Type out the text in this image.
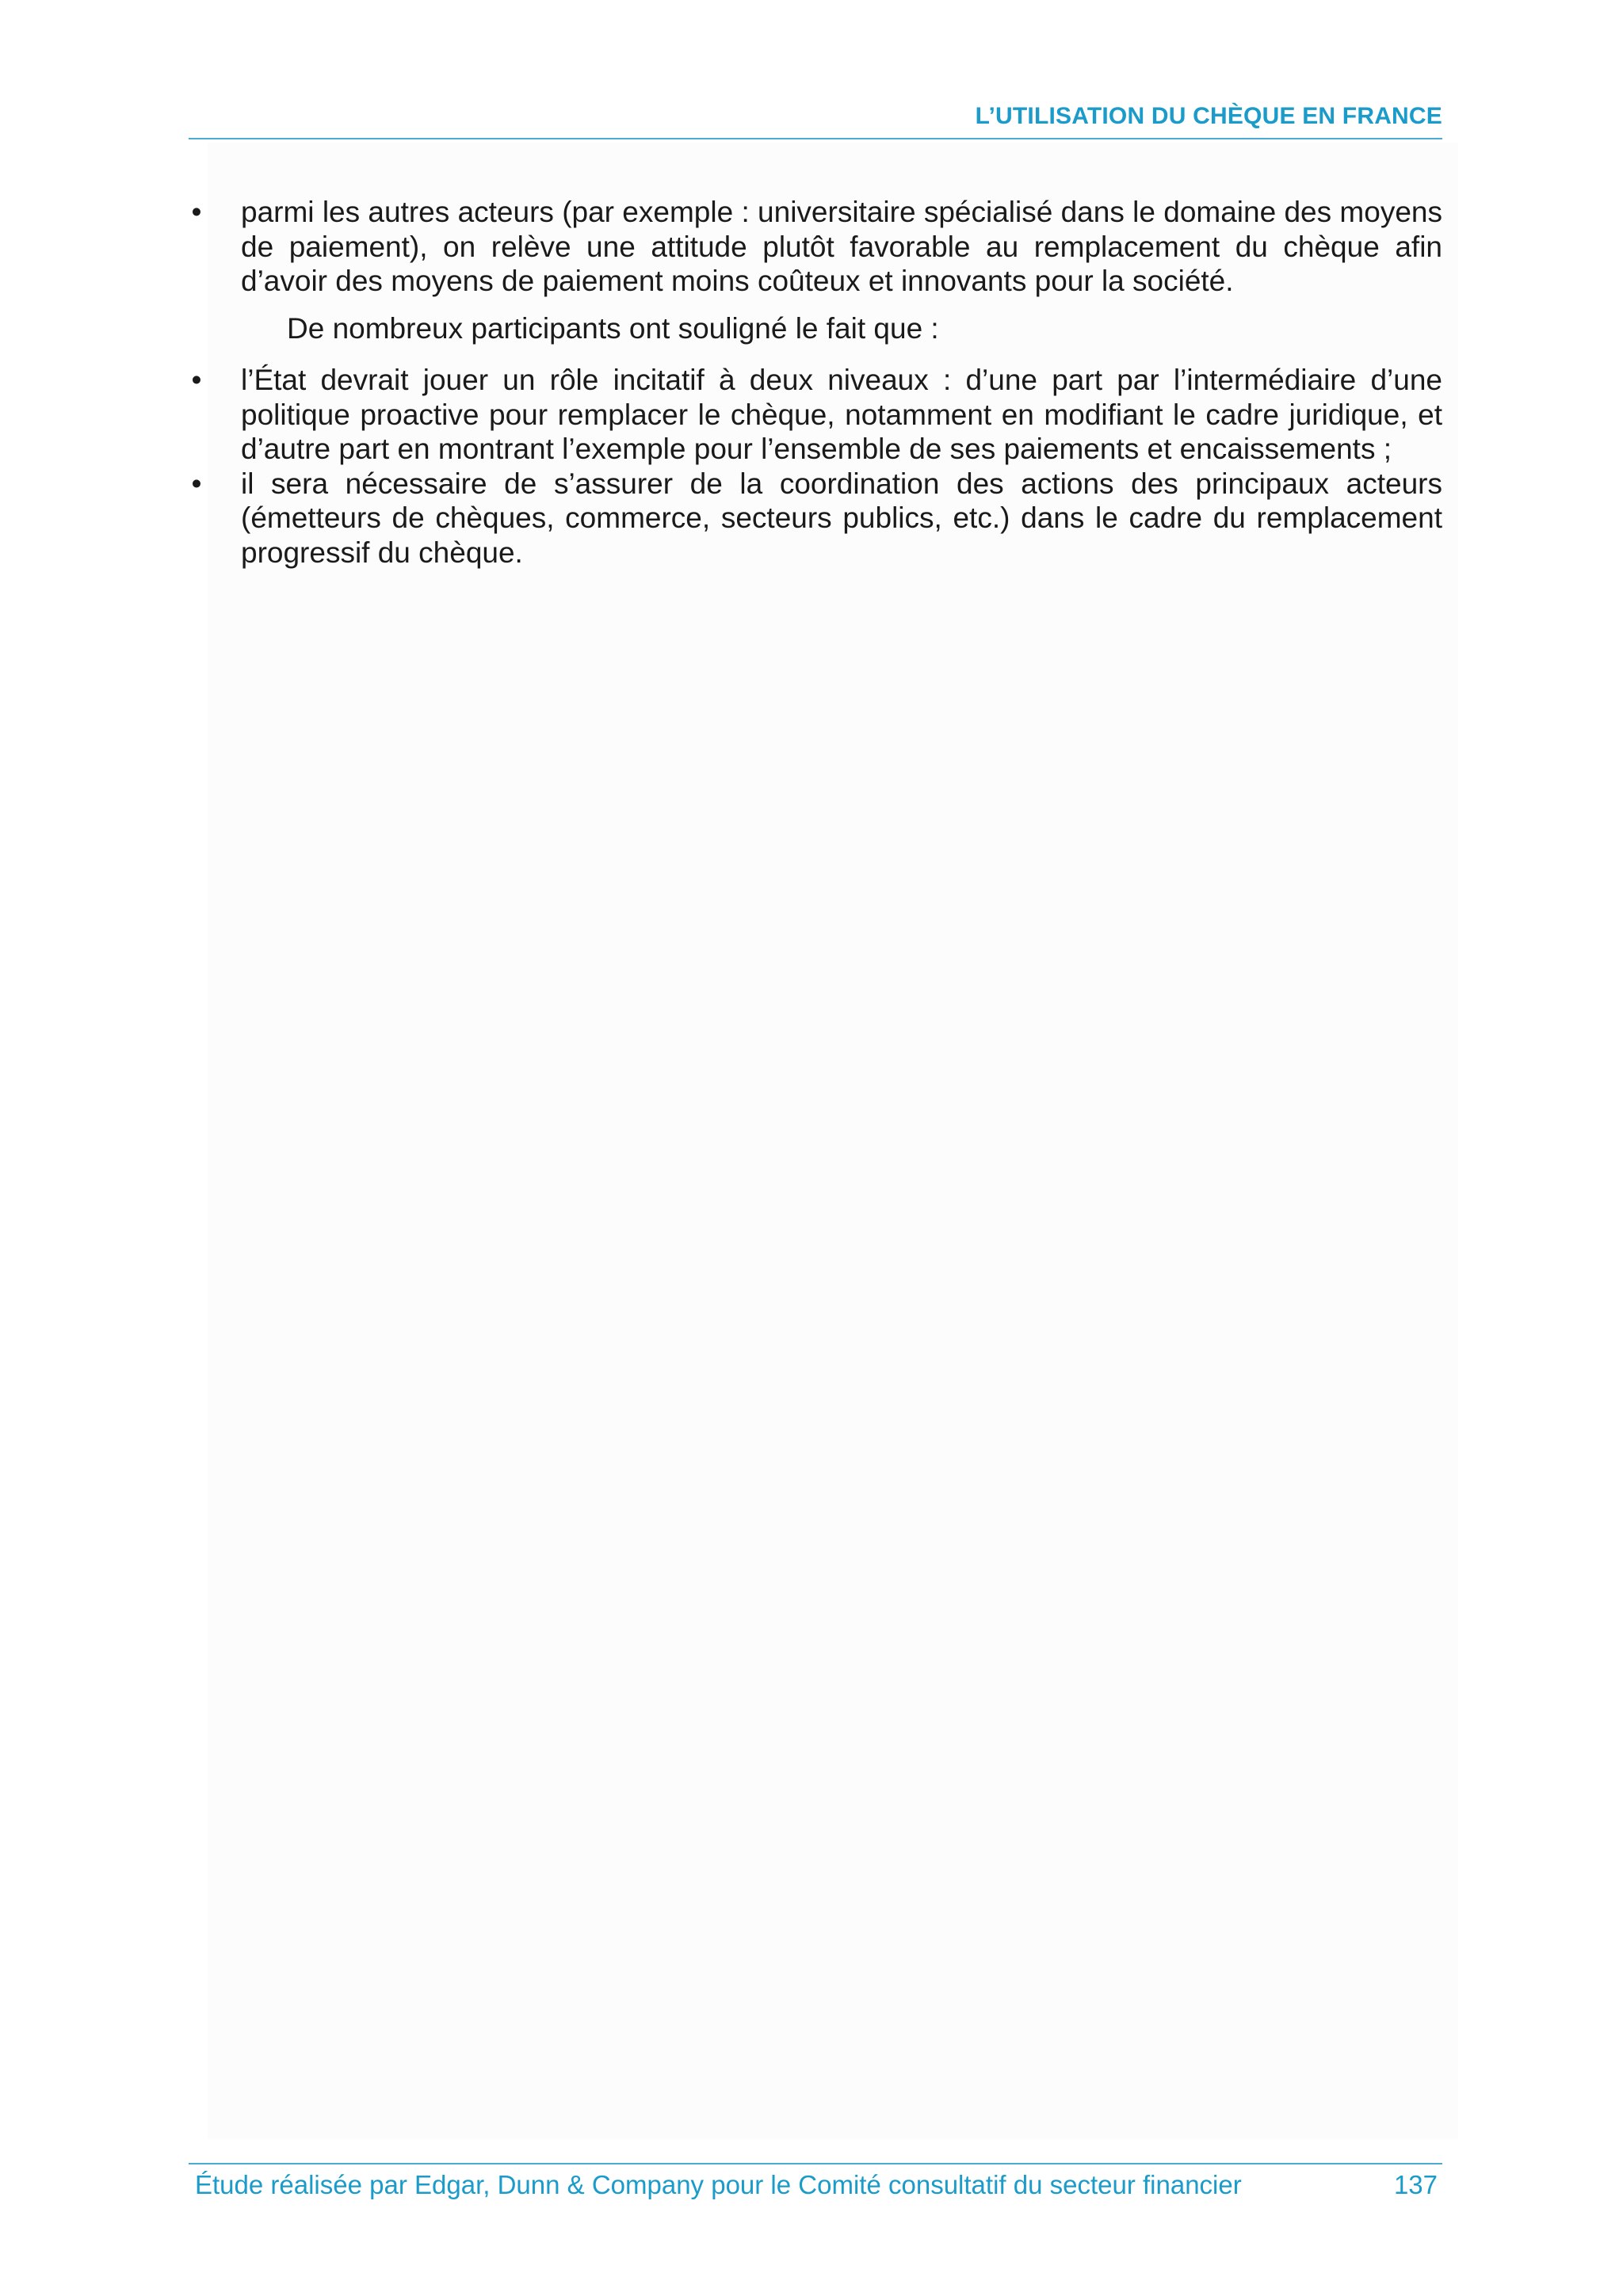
L’UTILISATION DU CHÈQUE EN FRANCE
• parmi les autres acteurs (par exemple : universitaire spécialisé dans le domaine des moyens de paiement), on relève une attitude plutôt favorable au remplacement du chèque afin d’avoir des moyens de paiement moins coûteux et innovants pour la société.

De nombreux participants ont souligné le fait que :

• l’État devrait jouer un rôle incitatif à deux niveaux : d’une part par l’intermédiaire d’une politique proactive pour remplacer le chèque, notamment en modifiant le cadre juridique, et d’autre part en montrant l’exemple pour l’ensemble de ses paiements et encaissements ;
• il sera nécessaire de s’assurer de la coordination des actions des principaux acteurs (émetteurs de chèques, commerce, secteurs publics, etc.) dans le cadre du remplacement progressif du chèque.
Étude réalisée par Edgar, Dunn & Company pour le Comité consultatif du secteur financier	137
